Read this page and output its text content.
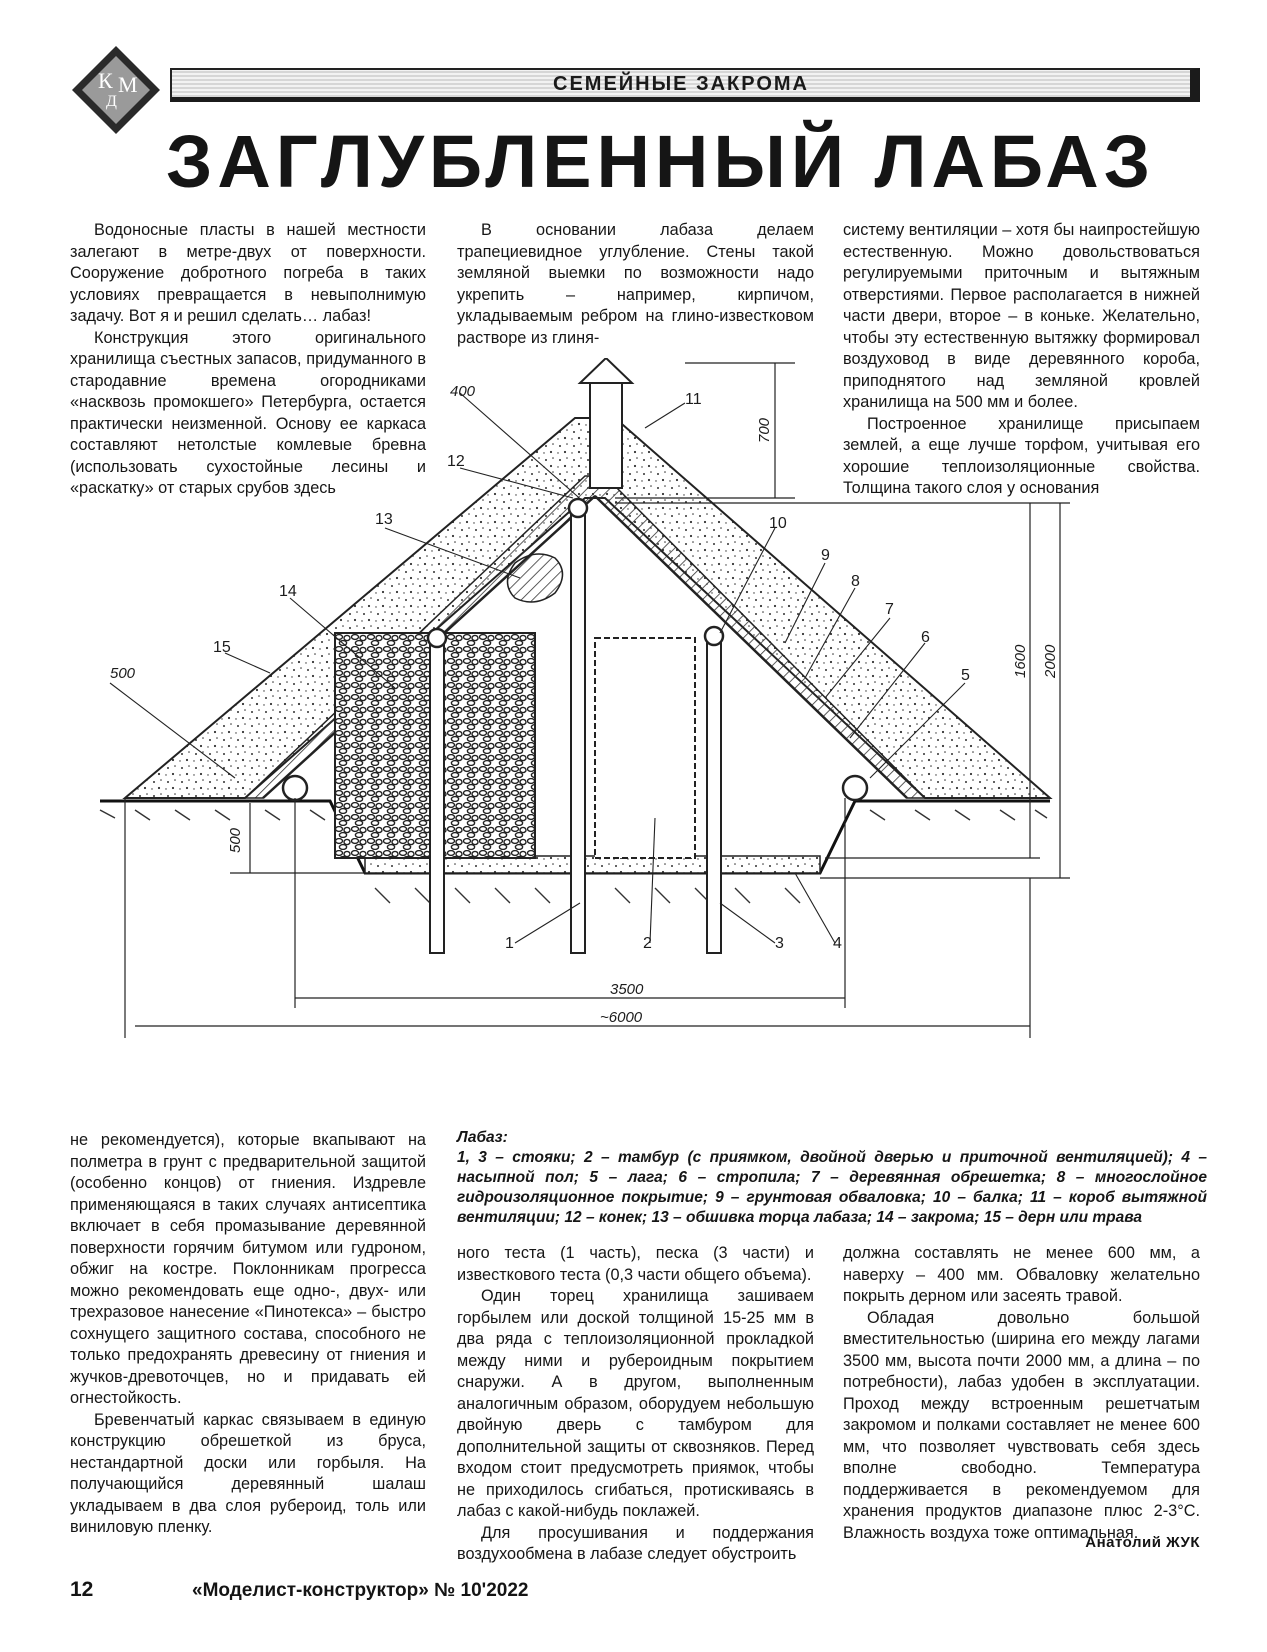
К
Д
М	СЕМЕЙНЫЕ ЗАКРОМА
ЗАГЛУБЛЕННЫЙ ЛАБАЗ

Водоносные пласты в нашей местности залегают в метре-двух от поверхности. Сооружение добротного погреба в таких условиях превращается в невыполнимую задачу. Вот я и решил сделать… лабаз!

Конструкция этого оригинального хранилища съестных запасов, придуманного в стародавние времена огородниками «насквозь промокшего» Петербурга, остается практически неизменной. Основу ее каркаса составляют нетолстые комлевые бревна (использовать сухостойные лесины и «раскатку» от старых срубов здесь

В основании лабаза делаем трапециевидное углубление. Стены такой земляной выемки по возможности надо укрепить – например, кирпичом, укладываемым ребром на глино-известковом растворе из глиня-

систему вентиляции – хотя бы наипростейшую естественную. Можно довольствоваться регулируемыми приточным и вытяжным отверстиями. Первое располагается в нижней части двери, второе – в коньке. Желательно, чтобы эту естественную вытяжку формировал воздуховод в виде деревянного короба, приподнятого над земляной кровлей хранилища на 500 мм и более.

Построенное хранилище присыпаем землей, а еще лучше торфом, учитывая его хорошие теплоизоляционные свойства. Толщина такого слоя у основания

1	2	3	4
5
6
7
8
9
10
11
12
13
14
15
400
500
500
700
1600 2000
3500
~6000
Лабаз:
1, 3 – стояки; 2 – тамбур (с приямком, двойной дверью и приточной вентиляцией); 4 – насыпной пол; 5 – лага; 6 – стропила; 7 – деревянная обрешетка; 8 – многослойное гидроизоляционное покрытие; 9 – грунтовая обваловка; 10 – балка; 11 – короб вытяжной вентиляции; 12 – конек; 13 – обшивка торца лабаза; 14 – закрома; 15 – дерн или трава

не рекомендуется), которые вкапывают на полметра в грунт с предварительной защитой (особенно концов) от гниения. Издревле применяющаяся в таких случаях антисептика включает в себя промазывание деревянной поверхности горячим битумом или гудроном, обжиг на костре. Поклонникам прогресса можно рекомендовать еще одно-, двух- или трехразовое нанесение «Пинотекса» – быстро сохнущего защитного состава, способного не только предохранять древесину от гниения и жучков-древоточцев, но и придавать ей огнестойкость.

Бревенчатый каркас связываем в единую конструкцию обрешеткой из бруса, нестандартной доски или горбыля. На получающийся деревянный шалаш укладываем в два слоя рубероид, толь или виниловую пленку.

ного теста (1 часть), песка (3 части) и известкового теста (0,3 части общего объема).

Один торец хранилища зашиваем горбылем или доской толщиной 15-25 мм в два ряда с теплоизоляционной прокладкой между ними и рубероидным покрытием снаружи. А в другом, выполненным аналогичным образом, оборудуем небольшую двойную дверь с тамбуром для дополнительной защиты от сквозняков. Перед входом стоит предусмотреть приямок, чтобы не приходилось сгибаться, протискиваясь в лабаз с какой-нибудь поклажей.

Для просушивания и поддержания воздухообмена в лабазе следует обустроить

должна составлять не менее 600 мм, а наверху – 400 мм. Обваловку желательно покрыть дерном или засеять травой.

Обладая довольно большой вместительностью (ширина его между лагами 3500 мм, высота почти 2000 мм, а длина – по потребности), лабаз удобен в эксплуатации. Проход между встроенным решетчатым закромом и полками составляет не менее 600 мм, что позволяет чувствовать себя здесь вполне свободно. Температура поддерживается в рекомендуемом для хранения продуктов диапазоне плюс 2-3°С. Влажность воздуха тоже оптимальная.

Анатолий ЖУК
12	«Моделист-конструктор» № 10'2022
